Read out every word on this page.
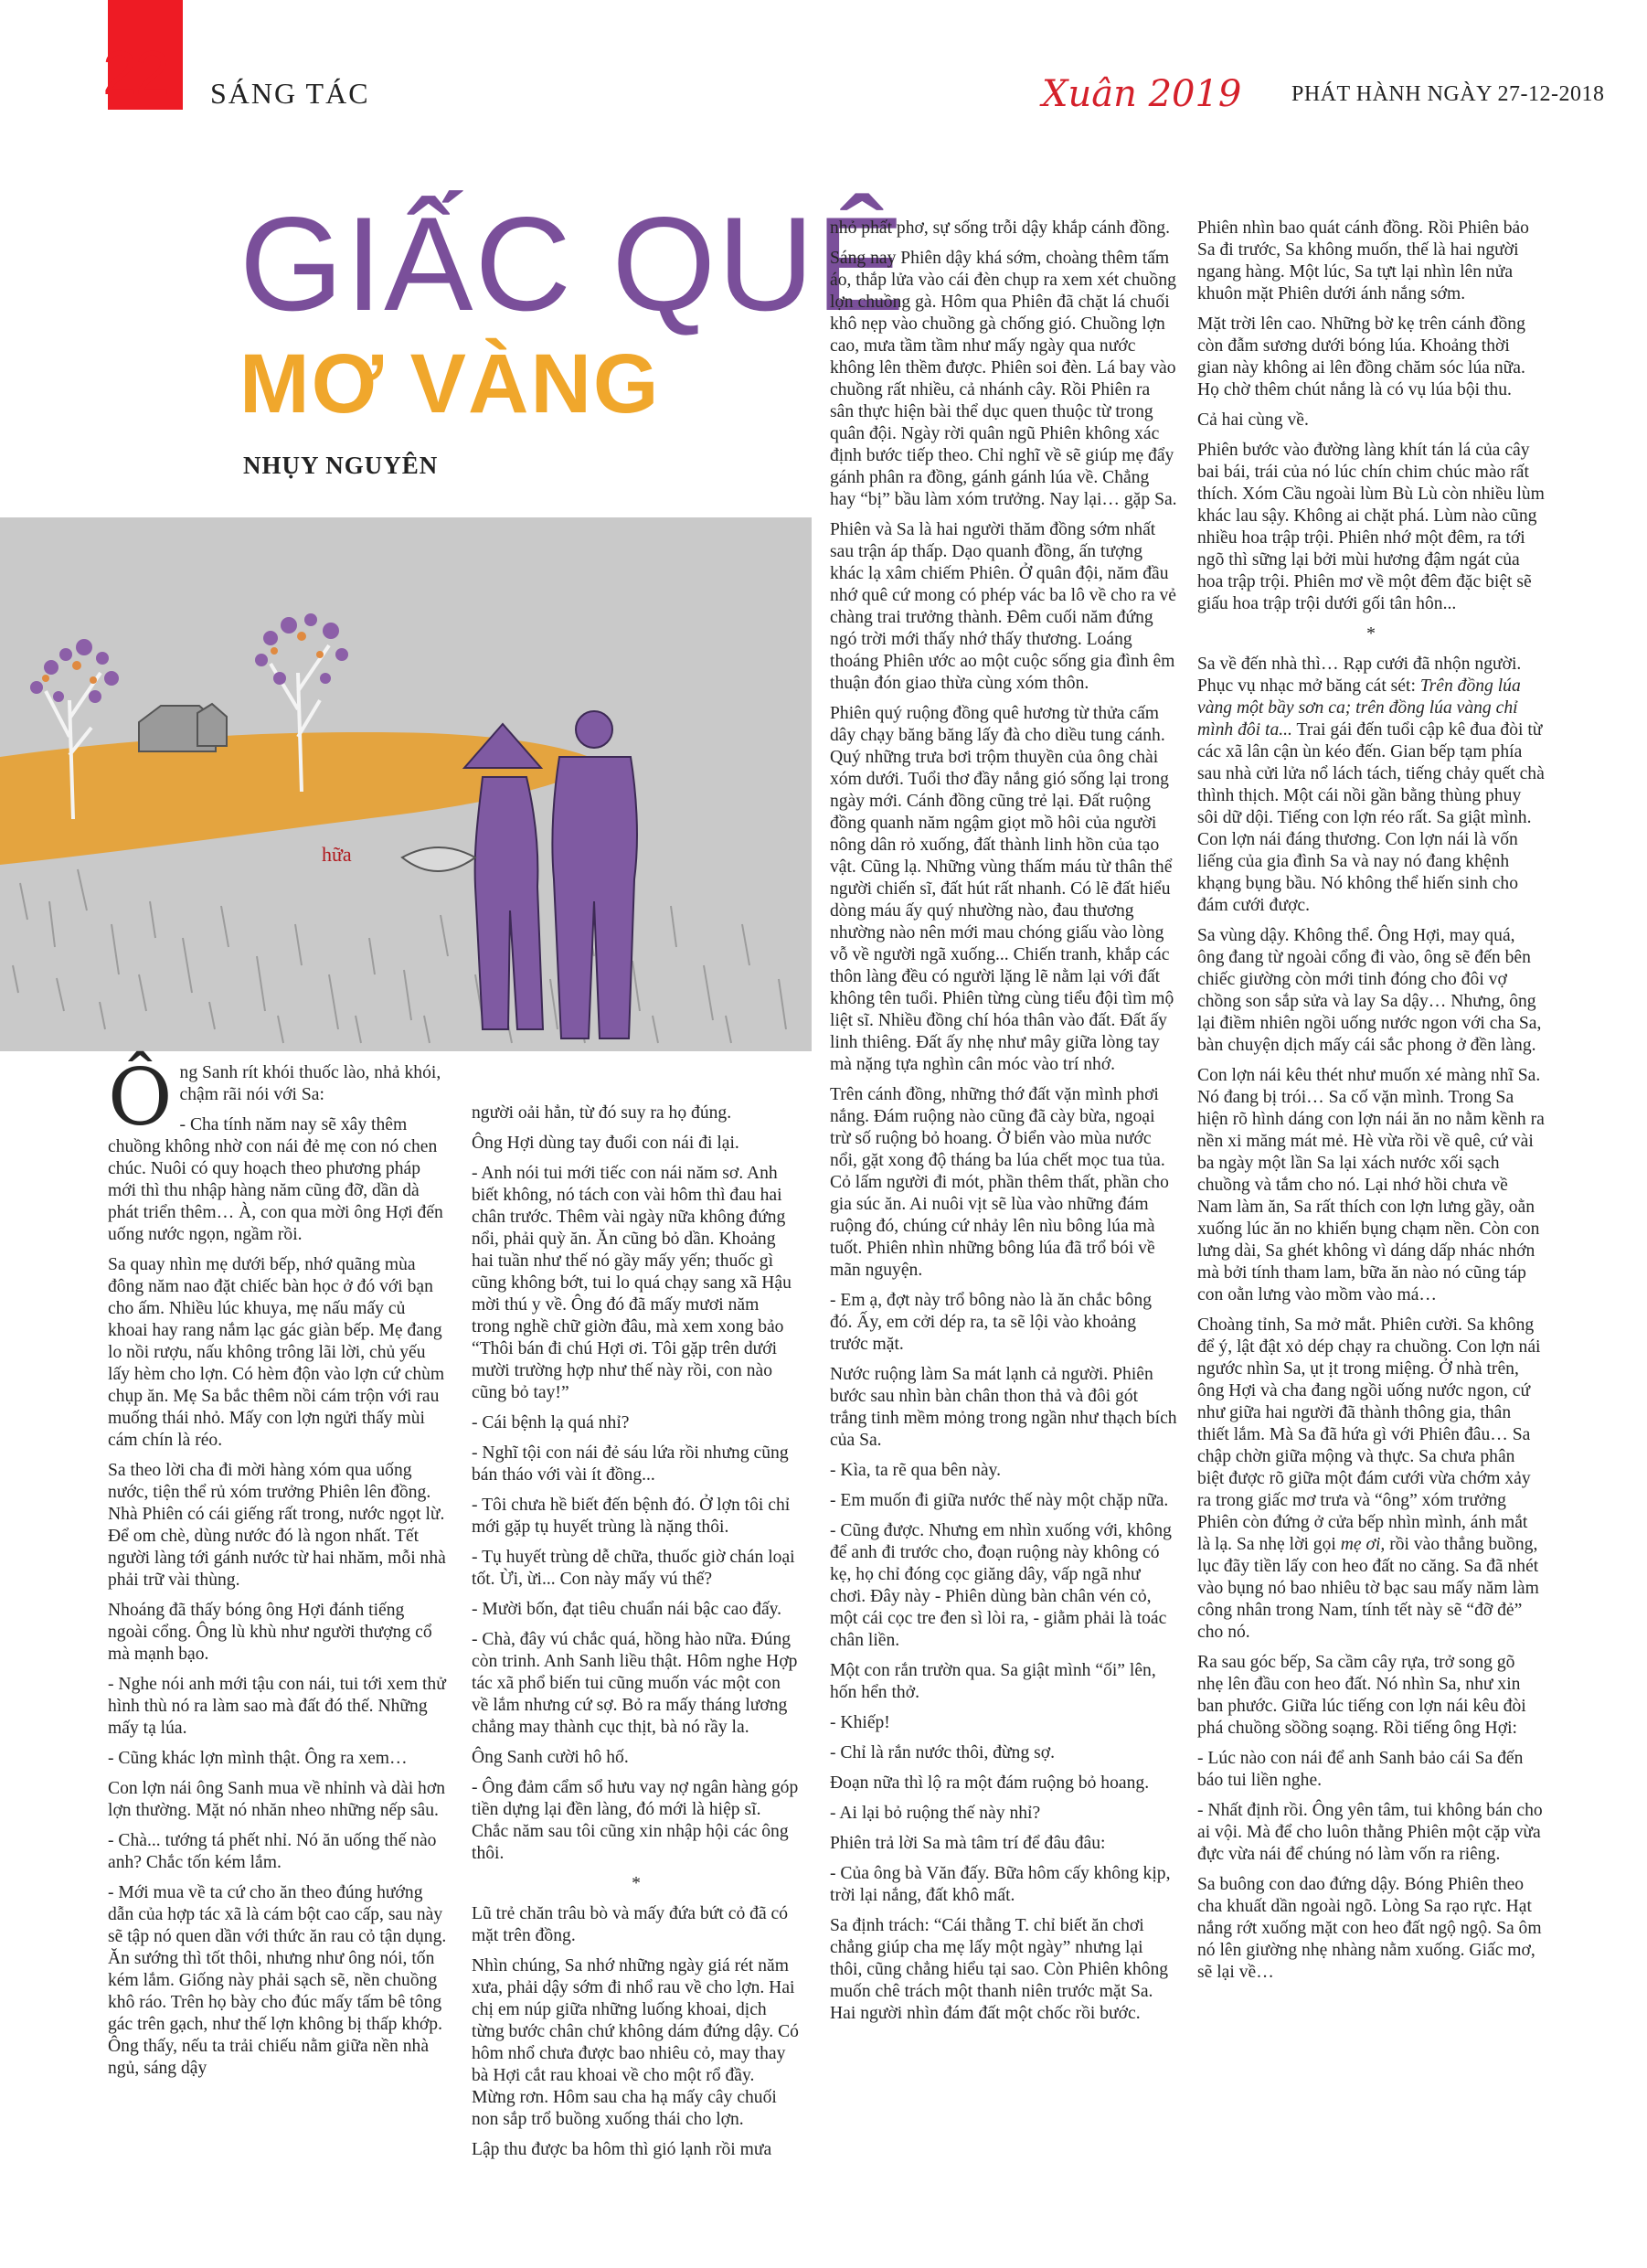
22 SÁNG TÁC	Xuân 2019 PHÁT HÀNH NGÀY 27-12-2018
GIẤC QUÊ
MƠ VÀNG
NHỤY NGUYÊN
hữa

Ông Sanh rít khói thuốc lào, nhả khói, chậm rãi nói với Sa:

- Cha tính năm nay sẽ xây thêm chuồng không nhờ con nái đẻ mẹ con nó chen chúc. Nuôi có quy hoạch theo phương pháp mới thì thu nhập hàng năm cũng đỡ, dần dà phát triển thêm… À, con qua mời ông Hợi đến uống nước ngọn, ngầm rồi.

Sa quay nhìn mẹ dưới bếp, nhớ quãng mùa đông năm nao đặt chiếc bàn học ở đó với bạn cho ấm. Nhiều lúc khuya, mẹ nấu mấy củ khoai hay rang nắm lạc gác giàn bếp. Mẹ đang lo nồi rượu, nấu không trông lãi lời, chủ yếu lấy hèm cho lợn. Có hèm độn vào lợn cứ chùm chụp ăn. Mẹ Sa bắc thêm nồi cám trộn với rau muống thái nhỏ. Mấy con lợn ngửi thấy mùi cám chín là réo.

Sa theo lời cha đi mời hàng xóm qua uống nước, tiện thể rủ xóm trưởng Phiên lên đồng. Nhà Phiên có cái giếng rất trong, nước ngọt lừ. Để om chè, dùng nước đó là ngon nhất. Tết người làng tới gánh nước từ hai nhăm, mỗi nhà phải trữ vài thùng.

Nhoáng đã thấy bóng ông Hợi đánh tiếng ngoài cổng. Ông lù khù như người thượng cổ mà mạnh bạo.

- Nghe nói anh mới tậu con nái, tui tới xem thử hình thù nó ra làm sao mà đất đó thế. Những mấy tạ lúa.

- Cũng khác lợn mình thật. Ông ra xem…

Con lợn nái ông Sanh mua về nhỉnh và dài hơn lợn thường. Mặt nó nhăn nheo những nếp sâu.

- Chà... tướng tá phết nhỉ. Nó ăn uống thế nào anh? Chắc tốn kém lắm.

- Mới mua về ta cứ cho ăn theo đúng hướng dẫn của hợp tác xã là cám bột cao cấp, sau này sẽ tập nó quen dần với thức ăn rau cỏ tận dụng. Ăn sướng thì tốt thôi, nhưng như ông nói, tốn kém lắm. Giống này phải sạch sẽ, nền chuồng khô ráo. Trên họ bày cho đúc mấy tấm bê tông gác trên gạch, như thế lợn không bị thấp khớp. Ông thấy, nếu ta trải chiếu nằm giữa nền nhà ngủ, sáng dậy

người oải hẳn, từ đó suy ra họ đúng.

Ông Hợi dùng tay đuổi con nái đi lại.

- Anh nói tui mới tiếc con nái năm sơ. Anh biết không, nó tách con vài hôm thì đau hai chân trước. Thêm vài ngày nữa không đứng nổi, phải quỳ ăn. Ăn cũng bỏ dần. Khoảng hai tuần như thế nó gầy mấy yến; thuốc gì cũng không bớt, tui lo quá chạy sang xã Hậu mời thú y về. Ông đó đã mấy mươi năm trong nghề chữ giờn đâu, mà xem xong bảo “Thôi bán đi chú Hợi ơi. Tôi gặp trên dưới mười trường hợp như thế này rồi, con nào cũng bỏ tay!”

- Cái bệnh lạ quá nhỉ?

- Nghĩ tội con nái đẻ sáu lứa rồi nhưng cũng bán tháo với vài ít đồng...

- Tôi chưa hề biết đến bệnh đó. Ở lợn tôi chỉ mới gặp tụ huyết trùng là nặng thôi.

- Tụ huyết trùng dễ chữa, thuốc giờ chán loại tốt. Ừi, ừi... Con này mấy vú thế?

- Mười bốn, đạt tiêu chuẩn nái bậc cao đấy.

- Chà, đây vú chắc quá, hồng hào nữa. Đúng còn trinh. Anh Sanh liều thật. Hôm nghe Hợp tác xã phổ biến tui cũng muốn vác một con về lắm nhưng cứ sợ. Bỏ ra mấy tháng lương chẳng may thành cục thịt, bà nó rầy la.

Ông Sanh cười hô hố.

- Ông đảm cẩm sổ hưu vay nợ ngân hàng góp tiền dựng lại đền làng, đó mới là hiệp sĩ. Chắc năm sau tôi cũng xin nhập hội các ông thôi.

*

Lũ trẻ chăn trâu bò và mấy đứa bứt cỏ đã có mặt trên đồng.

Nhìn chúng, Sa nhớ những ngày giá rét năm xưa, phải dậy sớm đi nhổ rau về cho lợn. Hai chị em núp giữa những luống khoai, dịch từng bước chân chứ không dám đứng dậy. Có hôm nhổ chưa được bao nhiêu cỏ, may thay bà Hợi cắt rau khoai về cho một rổ đầy. Mừng rơn. Hôm sau cha hạ mấy cây chuối non sắp trổ buồng xuống thái cho lợn.

Lập thu được ba hôm thì gió lạnh rồi mưa

nhỏ phất phơ, sự sống trỗi dậy khắp cánh đồng.

Sáng nay Phiên dậy khá sớm, choàng thêm tấm áo, thắp lửa vào cái đèn chụp ra xem xét chuồng lợn chuồng gà. Hôm qua Phiên đã chặt lá chuối khô nẹp vào chuồng gà chống gió. Chuồng lợn cao, mưa tầm tầm như mấy ngày qua nước không lên thềm được. Phiên soi đèn. Lá bay vào chuồng rất nhiều, cả nhánh cây. Rồi Phiên ra sân thực hiện bài thể dục quen thuộc từ trong quân đội. Ngày rời quân ngũ Phiên không xác định bước tiếp theo. Chỉ nghĩ về sẽ giúp mẹ đẩy gánh phân ra đồng, gánh gánh lúa về. Chẳng hay “bị” bầu làm xóm trưởng. Nay lại… gặp Sa.

Phiên và Sa là hai người thăm đồng sớm nhất sau trận áp thấp. Dạo quanh đồng, ấn tượng khác lạ xâm chiếm Phiên. Ở quân đội, năm đầu nhớ quê cứ mong có phép vác ba lô về cho ra vẻ chàng trai trưởng thành. Đêm cuối năm đứng ngó trời mới thấy nhớ thấy thương. Loáng thoáng Phiên ước ao một cuộc sống gia đình êm thuận đón giao thừa cùng xóm thôn.

Phiên quý ruộng đồng quê hương từ thửa cấm dây chạy băng băng lấy đà cho diều tung cánh. Quý những trưa bơi trộm thuyền của ông chài xóm dưới. Tuổi thơ đầy nắng gió sống lại trong ngày mới. Cánh đồng cũng trẻ lại. Đất ruộng đồng quanh năm ngậm giọt mồ hôi của người nông dân rỏ xuống, đất thành linh hồn của tạo vật. Cũng lạ. Những vùng thấm máu từ thân thể người chiến sĩ, đất hút rất nhanh. Có lẽ đất hiểu dòng máu ấy quý nhường nào, đau thương nhường nào nên mới mau chóng giấu vào lòng vỗ về người ngã xuống... Chiến tranh, khắp các thôn làng đều có người lặng lẽ nằm lại với đất không tên tuổi. Phiên từng cùng tiểu đội tìm mộ liệt sĩ. Nhiều đồng chí hóa thân vào đất. Đất ấy linh thiêng. Đất ấy nhẹ như mây giữa lòng tay mà nặng tựa nghìn cân móc vào trí nhớ.

Trên cánh đồng, những thớ đất vặn mình phơi nắng. Đám ruộng nào cũng đã cày bừa, ngoại trừ số ruộng bỏ hoang. Ở biển vào mùa nước nổi, gặt xong độ tháng ba lúa chết mọc tua tủa. Cỏ lấm người đi mót, phần thêm thất, phần cho gia súc ăn. Ai nuôi vịt sẽ lùa vào những đám ruộng đó, chúng cứ nhảy lên nìu bông lúa mà tuốt. Phiên nhìn những bông lúa đã trổ bói về mãn nguyện.

- Em ạ, đợt này trổ bông nào là ăn chắc bông đó. Ấy, em cởi dép ra, ta sẽ lội vào khoảng trước mặt.

Nước ruộng làm Sa mát lạnh cả người. Phiên bước sau nhìn bàn chân thon thả và đôi gót trắng tinh mềm mỏng trong ngần như thạch bích của Sa.

- Kìa, ta rẽ qua bên này.

- Em muốn đi giữa nước thế này một chặp nữa.

- Cũng được. Nhưng em nhìn xuống với, không để anh đi trước cho, đoạn ruộng này không có kẹ, họ chỉ đóng cọc giăng dây, vấp ngã như chơi. Đây này - Phiên dùng bàn chân vén cỏ, một cái cọc tre đen sì lòi ra, - giằm phải là toác chân liền.

Một con rắn trườn qua. Sa giật mình “ối” lên, hốn hển thở.

- Khiếp!

- Chỉ là rắn nước thôi, đừng sợ.

Đoạn nữa thì lộ ra một đám ruộng bỏ hoang.

- Ai lại bỏ ruộng thế này nhỉ?

Phiên trả lời Sa mà tâm trí để đâu đâu:

- Của ông bà Văn đấy. Bữa hôm cấy không kịp, trời lại nắng, đất khô mất.

Sa định trách: “Cái thằng T. chỉ biết ăn chơi chẳng giúp cha mẹ lấy một ngày” nhưng lại thôi, cũng chẳng hiểu tại sao. Còn Phiên không muốn chê trách một thanh niên trước mặt Sa. Hai người nhìn đám đất một chốc rồi bước.

Phiên nhìn bao quát cánh đồng. Rồi Phiên bảo Sa đi trước, Sa không muốn, thế là hai người ngang hàng. Một lúc, Sa tựt lại nhìn lên nửa khuôn mặt Phiên dưới ánh nắng sớm.

Mặt trời lên cao. Những bờ kẹ trên cánh đồng còn đẫm sương dưới bóng lúa. Khoảng thời gian này không ai lên đồng chăm sóc lúa nữa. Họ chờ thêm chút nắng là có vụ lúa bội thu.

Cả hai cùng về.

Phiên bước vào đường làng khít tán lá của cây bai bái, trái của nó lúc chín chim chúc mào rất thích. Xóm Cầu ngoài lùm Bù Lù còn nhiều lùm khác lau sậy. Không ai chặt phá. Lùm nào cũng nhiều hoa trập trội. Phiên nhớ một đêm, ra tới ngõ thì sững lại bởi mùi hương đậm ngát của hoa trập trội. Phiên mơ về một đêm đặc biệt sẽ giấu hoa trập trội dưới gối tân hôn...

*

Sa về đến nhà thì… Rạp cưới đã nhộn người. Phục vụ nhạc mở băng cát sét: Trên đồng lúa vàng một bầy sơn ca; trên đồng lúa vàng chỉ mình đôi ta... Trai gái đến tuổi cập kê đua đòi từ các xã lân cận ùn kéo đến. Gian bếp tạm phía sau nhà cửi lửa nổ lách tách, tiếng chảy quết chà thình thịch. Một cái nồi gần bằng thùng phuy sôi dữ dội. Tiếng con lợn réo rất. Sa giật mình. Con lợn nái đáng thương. Con lợn nái là vốn liếng của gia đình Sa và nay nó đang khệnh khạng bụng bầu. Nó không thể hiến sinh cho đám cưới được.

Sa vùng dậy. Không thể. Ông Hợi, may quá, ông đang từ ngoài cổng đi vào, ông sẽ đến bên chiếc giường còn mới tinh đóng cho đôi vợ chồng son sắp sửa và lay Sa dậy… Nhưng, ông lại điềm nhiên ngồi uống nước ngon với cha Sa, bàn chuyện dịch mấy cái sắc phong ở đền làng.

Con lợn nái kêu thét như muốn xé màng nhĩ Sa. Nó đang bị trói… Sa cố vặn mình. Trong Sa hiện rõ hình dáng con lợn nái ăn no nằm kềnh ra nền xi măng mát mẻ. Hè vừa rồi về quê, cứ vài ba ngày một lần Sa lại xách nước xối sạch chuồng và tắm cho nó. Lại nhớ hồi chưa về Nam làm ăn, Sa rất thích con lợn lưng gầy, oằn xuống lúc ăn no khiến bụng chạm nền. Còn con lưng dài, Sa ghét không vì dáng dấp nhác nhớn mà bởi tính tham lam, bữa ăn nào nó cũng táp con oằn lưng vào mồm vào má…

Choàng tỉnh, Sa mở mắt. Phiên cười. Sa không để ý, lật đật xỏ dép chạy ra chuồng. Con lợn nái ngước nhìn Sa, ụt ịt trong miệng. Ở nhà trên, ông Hợi và cha đang ngồi uống nước ngon, cứ như giữa hai người đã thành thông gia, thân thiết lắm. Mà Sa đã hứa gì với Phiên đâu… Sa chập chờn giữa mộng và thực. Sa chưa phân biệt được rõ giữa một đám cưới vừa chớm xảy ra trong giấc mơ trưa và “ông” xóm trưởng Phiên còn đứng ở cửa bếp nhìn mình, ánh mắt là lạ. Sa nhẹ lời gọi mẹ ơi, rồi vào thẳng buồng, lục đãy tiền lấy con heo đất no căng. Sa đã nhét vào bụng nó bao nhiêu tờ bạc sau mấy năm làm công nhân trong Nam, tính tết này sẽ “đỡ đẻ” cho nó.

Ra sau góc bếp, Sa cầm cây rựa, trở song gõ nhẹ lên đầu con heo đất. Nó nhìn Sa, như xin ban phước. Giữa lúc tiếng con lợn nái kêu đòi phá chuồng sồồng soạng. Rồi tiếng ông Hợi:

- Lúc nào con nái để anh Sanh bảo cái Sa đến báo tui liền nghe.

- Nhất định rồi. Ông yên tâm, tui không bán cho ai vội. Mà để cho luôn thằng Phiên một cặp vừa đực vừa nái để chúng nó làm vốn ra riêng.

Sa buông con dao đứng dậy. Bóng Phiên theo cha khuất dần ngoài ngõ. Lòng Sa rạo rực. Hạt nắng rớt xuống mặt con heo đất ngộ ngộ. Sa ôm nó lên giường nhẹ nhàng nằm xuống. Giấc mơ, sẽ lại về…
